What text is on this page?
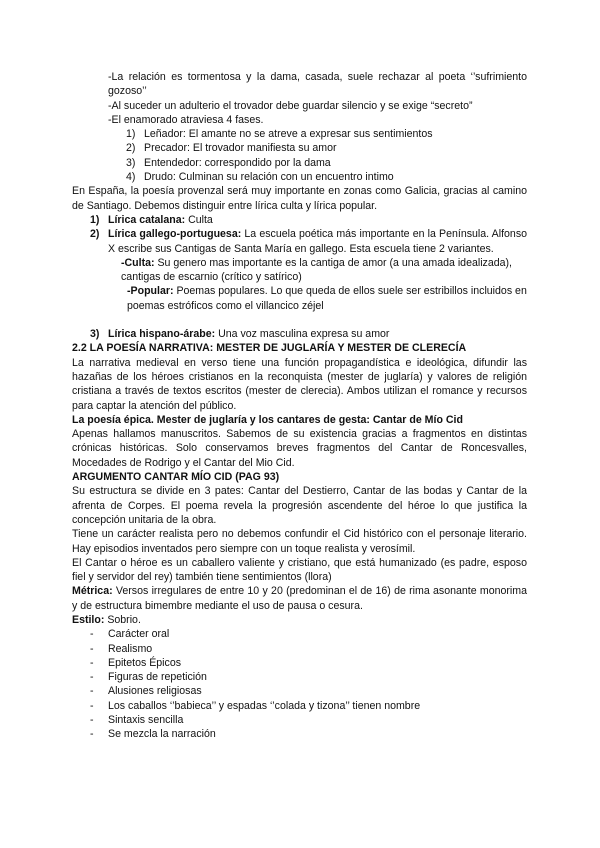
-La relación es tormentosa y la dama, casada, suele rechazar al poeta ‘’sufrimiento gozoso’’

-Al suceder un adulterio el trovador debe guardar silencio y se exige “secreto”

-El enamorado atraviesa 4 fases.

1) Leñador: El amante no se atreve a expresar sus sentimientos
2) Precador: El trovador manifiesta su amor
3) Entendedor: correspondido por la dama
4) Drudo: Culminan su relación con un encuentro intimo

En España, la poesía provenzal será muy importante en zonas como Galicia, gracias al camino de Santiago. Debemos distinguir entre lírica culta y lírica popular.

1) Lírica catalana: Culta
2) Lírica gallego-portuguesa: La escuela poética más importante en la Península. Alfonso X escribe sus Cantigas de Santa María en gallego. Esta escuela tiene 2 variantes.

-Culta: Su genero mas importante es la cantiga de amor (a una amada idealizada), cantigas de escarnio (crítico y satírico)

-Popular: Poemas populares. Lo que queda de ellos suele ser estribillos incluidos en poemas estróficos como el villancico zéjel

3) Lírica hispano-árabe: Una voz masculina expresa su amor

2.2 LA POESÍA NARRATIVA: MESTER DE JUGLARÍA Y MESTER DE CLERECÍA

La narrativa medieval en verso tiene una función propagandística e ideológica, difundir las hazañas de los héroes cristianos en la reconquista (mester de juglaría) y valores de religión cristiana a través de textos escritos (mester de clerecia). Ambos utilizan el romance y recursos para captar la atención del público.

La poesía épica. Mester de juglaría y los cantares de gesta: Cantar de Mío Cid

Apenas hallamos manuscritos. Sabemos de su existencia gracias a fragmentos en distintas crónicas históricas. Solo conservamos breves fragmentos del Cantar de Roncesvalles, Mocedades de Rodrigo y el Cantar del Mio Cid.

ARGUMENTO CANTAR MÍO CID (PAG 93)

Su estructura se divide en 3 pates: Cantar del Destierro, Cantar de las bodas y Cantar de la afrenta de Corpes. El poema revela la progresión ascendente del héroe lo que justifica la concepción unitaria de la obra.

Tiene un carácter realista pero no debemos confundir el Cid histórico con el personaje literario. Hay episodios inventados pero siempre con un toque realista y verosímil.

El Cantar o héroe es un caballero valiente y cristiano, que está humanizado (es padre, esposo fiel y servidor del rey) también tiene sentimientos (llora)

Métrica: Versos irregulares de entre 10 y 20 (predominan el de 16) de rima asonante monorima y de estructura bimembre mediante el uso de pausa o cesura.

Estilo: Sobrio.

-	Carácter oral
-	Realismo
-	Epitetos Épicos
-	Figuras de repetición
-	Alusiones religiosas
-	Los caballos ‘’babieca’’ y espadas ‘’colada y tizona’’ tienen nombre
-	Sintaxis sencilla
-	Se mezcla la narración
